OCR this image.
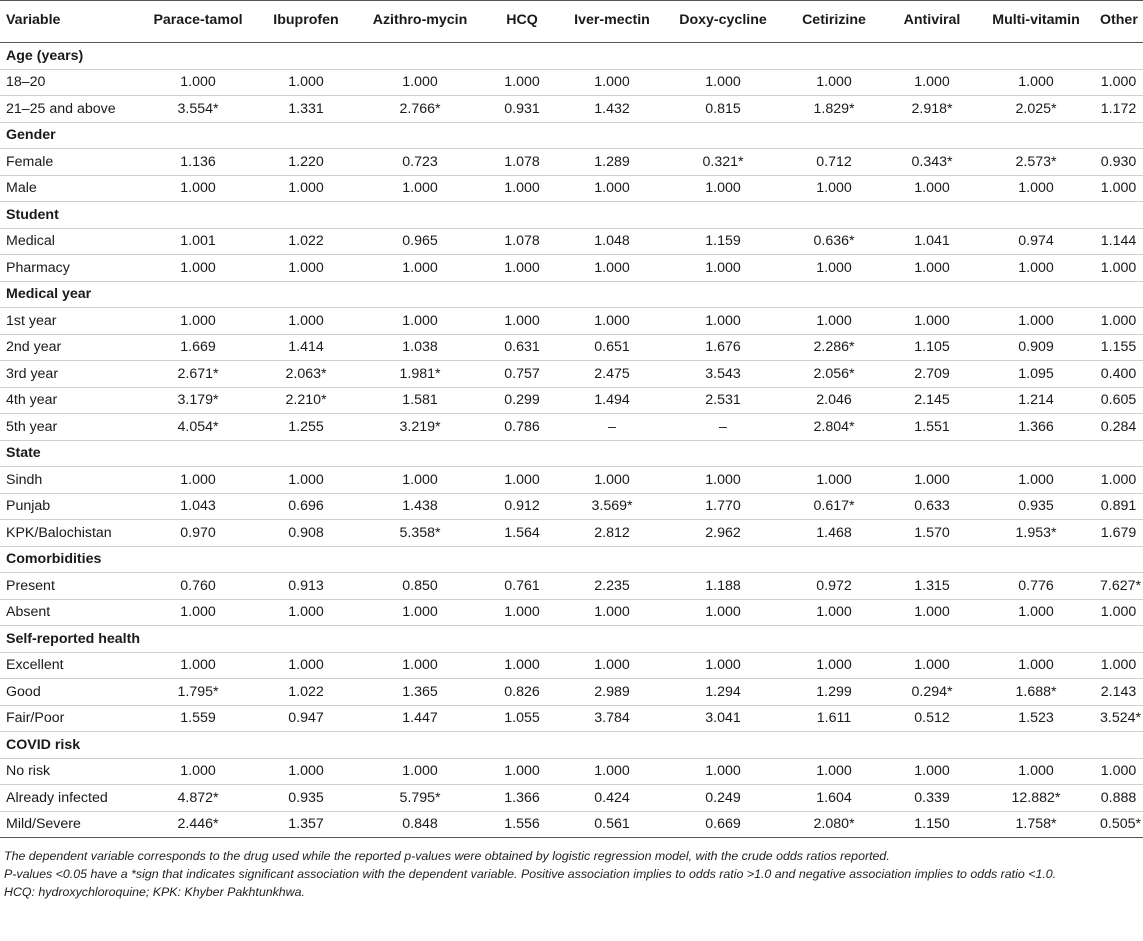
Variable	Parace-tamol	Ibuprofen	Azithro-mycin	HCQ	Iver-mectin	Doxy-cycline	Cetirizine	Antiviral	Multi-vitamin	Other
Age (years)										
18–20	1.000	1.000	1.000	1.000	1.000	1.000	1.000	1.000	1.000	1.000
21–25 and above	3.554*	1.331	2.766*	0.931	1.432	0.815	1.829*	2.918*	2.025*	1.172
Gender										
Female	1.136	1.220	0.723	1.078	1.289	0.321*	0.712	0.343*	2.573*	0.930
Male	1.000	1.000	1.000	1.000	1.000	1.000	1.000	1.000	1.000	1.000
Student										
Medical	1.001	1.022	0.965	1.078	1.048	1.159	0.636*	1.041	0.974	1.144
Pharmacy	1.000	1.000	1.000	1.000	1.000	1.000	1.000	1.000	1.000	1.000
Medical year										
1st year	1.000	1.000	1.000	1.000	1.000	1.000	1.000	1.000	1.000	1.000
2nd year	1.669	1.414	1.038	0.631	0.651	1.676	2.286*	1.105	0.909	1.155
3rd year	2.671*	2.063*	1.981*	0.757	2.475	3.543	2.056*	2.709	1.095	0.400
4th year	3.179*	2.210*	1.581	0.299	1.494	2.531	2.046	2.145	1.214	0.605
5th year	4.054*	1.255	3.219*	0.786	–	–	2.804*	1.551	1.366	0.284
State										
Sindh	1.000	1.000	1.000	1.000	1.000	1.000	1.000	1.000	1.000	1.000
Punjab	1.043	0.696	1.438	0.912	3.569*	1.770	0.617*	0.633	0.935	0.891
KPK/Balochistan	0.970	0.908	5.358*	1.564	2.812	2.962	1.468	1.570	1.953*	1.679
Comorbidities										
Present	0.760	0.913	0.850	0.761	2.235	1.188	0.972	1.315	0.776	7.627*
Absent	1.000	1.000	1.000	1.000	1.000	1.000	1.000	1.000	1.000	1.000
Self-reported health										
Excellent	1.000	1.000	1.000	1.000	1.000	1.000	1.000	1.000	1.000	1.000
Good	1.795*	1.022	1.365	0.826	2.989	1.294	1.299	0.294*	1.688*	2.143
Fair/Poor	1.559	0.947	1.447	1.055	3.784	3.041	1.611	0.512	1.523	3.524*
COVID risk										
No risk	1.000	1.000	1.000	1.000	1.000	1.000	1.000	1.000	1.000	1.000
Already infected	4.872*	0.935	5.795*	1.366	0.424	0.249	1.604	0.339	12.882*	0.888
Mild/Severe	2.446*	1.357	0.848	1.556	0.561	0.669	2.080*	1.150	1.758*	0.505*

The dependent variable corresponds to the drug used while the reported p-values were obtained by logistic regression model, with the crude odds ratios reported.

P-values <0.05 have a *sign that indicates significant association with the dependent variable. Positive association implies to odds ratio >1.0 and negative association implies to odds ratio <1.0.

HCQ: hydroxychloroquine; KPK: Khyber Pakhtunkhwa.
